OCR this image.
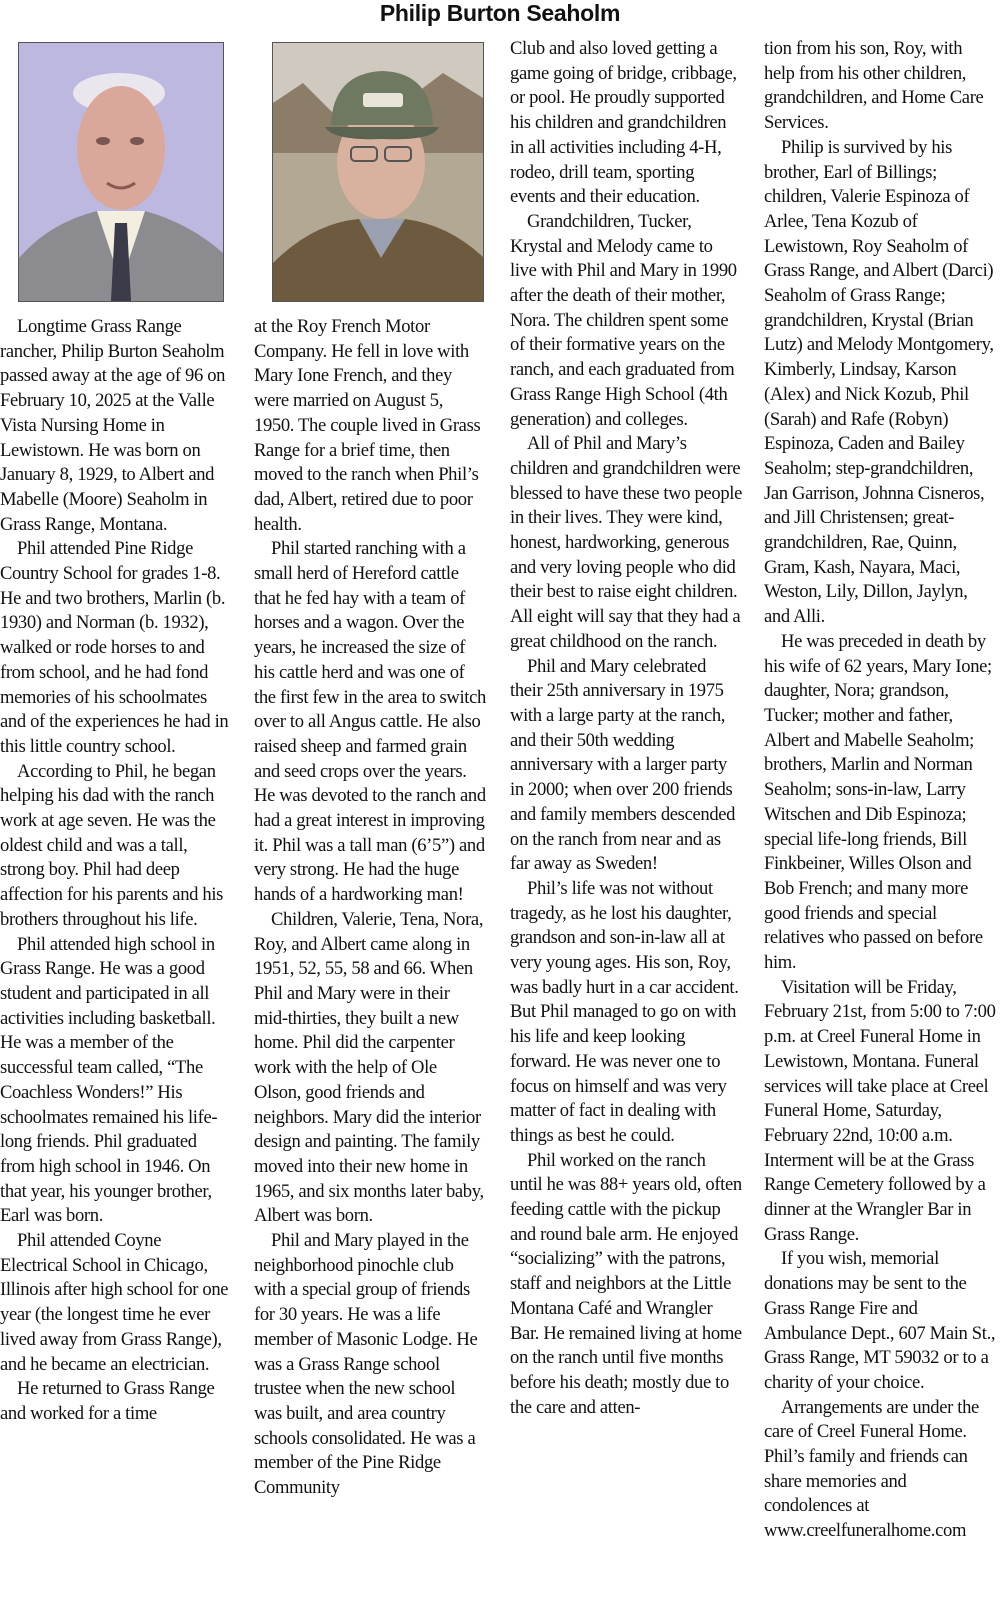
Philip Burton Seaholm

Longtime Grass Range rancher, Philip Burton Seaholm passed away at the age of 96 on February 10, 2025 at the Valle Vista Nursing Home in Lewistown. He was born on January 8, 1929, to Albert and Mabelle (Moore) Seaholm in Grass Range, Montana.

Phil attended Pine Ridge Country School for grades 1-8. He and two brothers, Marlin (b. 1930) and Norman (b. 1932), walked or rode horses to and from school, and he had fond memories of his schoolmates and of the experiences he had in this little country school.

According to Phil, he began helping his dad with the ranch work at age seven. He was the oldest child and was a tall, strong boy. Phil had deep affection for his parents and his brothers throughout his life.

Phil attended high school in Grass Range. He was a good student and participated in all activities including basketball. He was a member of the successful team called, “The Coachless Wonders!” His schoolmates remained his life-long friends. Phil graduated from high school in 1946. On that year, his younger brother, Earl was born.

Phil attended Coyne Electrical School in Chicago, Illinois after high school for one year (the longest time he ever lived away from Grass Range), and he became an electrician.

He returned to Grass Range and worked for a time

at the Roy French Motor Company. He fell in love with Mary Ione French, and they were married on August 5, 1950. The couple lived in Grass Range for a brief time, then moved to the ranch when Phil’s dad, Albert, retired due to poor health.

Phil started ranching with a small herd of Hereford cattle that he fed hay with a team of horses and a wagon. Over the years, he increased the size of his cattle herd and was one of the first few in the area to switch over to all Angus cattle. He also raised sheep and farmed grain and seed crops over the years. He was devoted to the ranch and had a great interest in improving it. Phil was a tall man (6’5”) and very strong. He had the huge hands of a hardworking man!

Children, Valerie, Tena, Nora, Roy, and Albert came along in 1951, 52, 55, 58 and 66. When Phil and Mary were in their mid-thirties, they built a new home. Phil did the carpenter work with the help of Ole Olson, good friends and neighbors. Mary did the interior design and painting. The family moved into their new home in 1965, and six months later baby, Albert was born.

Phil and Mary played in the neighborhood pinochle club with a special group of friends for 30 years. He was a life member of Masonic Lodge. He was a Grass Range school trustee when the new school was built, and area country schools consolidated. He was a member of the Pine Ridge Community

Club and also loved getting a game going of bridge, cribbage, or pool. He proudly supported his children and grandchildren in all activities including 4-H, rodeo, drill team, sporting events and their education.

Grandchildren, Tucker, Krystal and Melody came to live with Phil and Mary in 1990 after the death of their mother, Nora. The children spent some of their formative years on the ranch, and each graduated from Grass Range High School (4th generation) and colleges.

All of Phil and Mary’s children and grandchildren were blessed to have these two people in their lives. They were kind, honest, hardworking, generous and very loving people who did their best to raise eight children. All eight will say that they had a great childhood on the ranch.

Phil and Mary celebrated their 25th anniversary in 1975 with a large party at the ranch, and their 50th wedding anniversary with a larger party in 2000; when over 200 friends and family members descended on the ranch from near and as far away as Sweden!

Phil’s life was not without tragedy, as he lost his daughter, grandson and son-in-law all at very young ages. His son, Roy, was badly hurt in a car accident. But Phil managed to go on with his life and keep looking forward. He was never one to focus on himself and was very matter of fact in dealing with things as best he could.

Phil worked on the ranch until he was 88+ years old, often feeding cattle with the pickup and round bale arm. He enjoyed “socializing” with the patrons, staff and neighbors at the Little Montana Café and Wrangler Bar. He remained living at home on the ranch until five months before his death; mostly due to the care and atten-

tion from his son, Roy, with help from his other children, grandchildren, and Home Care Services.

Philip is survived by his brother, Earl of Billings; children, Valerie Espinoza of Arlee, Tena Kozub of Lewistown, Roy Seaholm of Grass Range, and Albert (Darci) Seaholm of Grass Range; grandchildren, Krystal (Brian Lutz) and Melody Montgomery, Kimberly, Lindsay, Karson (Alex) and Nick Kozub, Phil (Sarah) and Rafe (Robyn) Espinoza, Caden and Bailey Seaholm; step-grandchildren, Jan Garrison, Johnna Cisneros, and Jill Christensen; great-grandchildren, Rae, Quinn, Gram, Kash, Nayara, Maci, Weston, Lily, Dillon, Jaylyn, and Alli.

He was preceded in death by his wife of 62 years, Mary Ione; daughter, Nora; grandson, Tucker; mother and father, Albert and Mabelle Seaholm; brothers, Marlin and Norman Seaholm; sons-in-law, Larry Witschen and Dib Espinoza; special life-long friends, Bill Finkbeiner, Willes Olson and Bob French; and many more good friends and special relatives who passed on before him.

Visitation will be Friday, February 21st, from 5:00 to 7:00 p.m. at Creel Funeral Home in Lewistown, Montana. Funeral services will take place at Creel Funeral Home, Saturday, February 22nd, 10:00 a.m. Interment will be at the Grass Range Cemetery followed by a dinner at the Wrangler Bar in Grass Range.

If you wish, memorial donations may be sent to the Grass Range Fire and Ambulance Dept., 607 Main St., Grass Range, MT 59032 or to a charity of your choice.

Arrangements are under the care of Creel Funeral Home. Phil’s family and friends can share memories and condolences at www.creelfuneralhome.com
